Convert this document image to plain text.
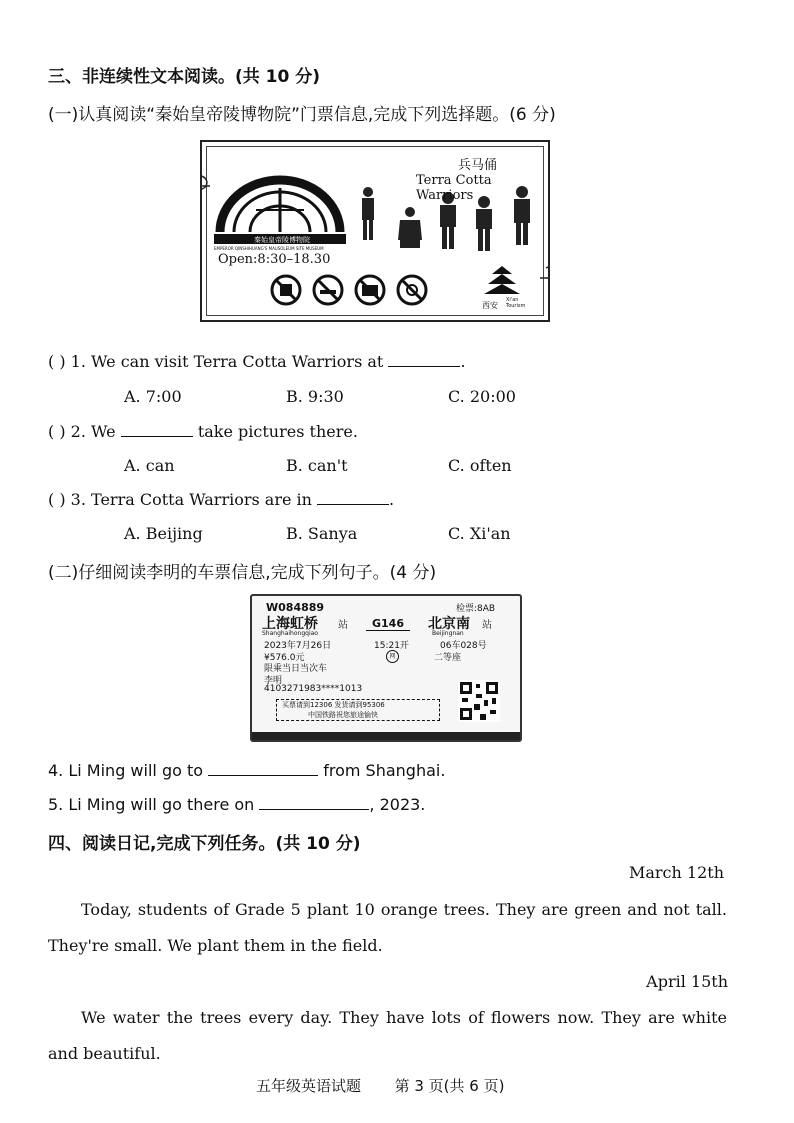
三、非连续性文本阅读。(共 10 分)
(一)认真阅读“秦始皇帝陵博物院”门票信息,完成下列选择题。(6 分)
兵马俑
Terra Cotta Warriors
秦始皇帝陵博物院
EMPEROR QINSHIHUANG'S MAUSOLEUM SITE MUSEUM
Open:8:30–18.30
西安
Xi'an Tourism
( ) 1. We can visit Terra Cotta Warriors at	.
A. 7:00	B. 9:30	C. 20:00
( ) 2. We	take pictures there.
A. can	B. can't	C. often
( ) 3. Terra Cotta Warriors are in	.
A. Beijing	B. Sanya	C. Xi'an
(二)仔细阅读李明的车票信息,完成下列句子。(4 分)
W084889	检票:8AB
上海虹桥 站
Shanghaihongqiao
G146	北京南 站
Beijingnan
2023年7月26日	15:21开	06车028号
¥576.0元	网	二等座
限乘当日当次车
李明
4103271983****1013
买票请到12306 发货请到95306
中国铁路祝您旅途愉快
4. Li Ming will go to	from Shanghai.
5. Li Ming will go there on	, 2023.
四、阅读日记,完成下列任务。(共 10 分)
March 12th
Today, students of Grade 5 plant 10 orange trees. They are green and not tall. They're small. We plant them in the field.
April 15th
We water the trees every day. They have lots of flowers now. They are white and beautiful.
五年级英语试题 第 3 页(共 6 页)
